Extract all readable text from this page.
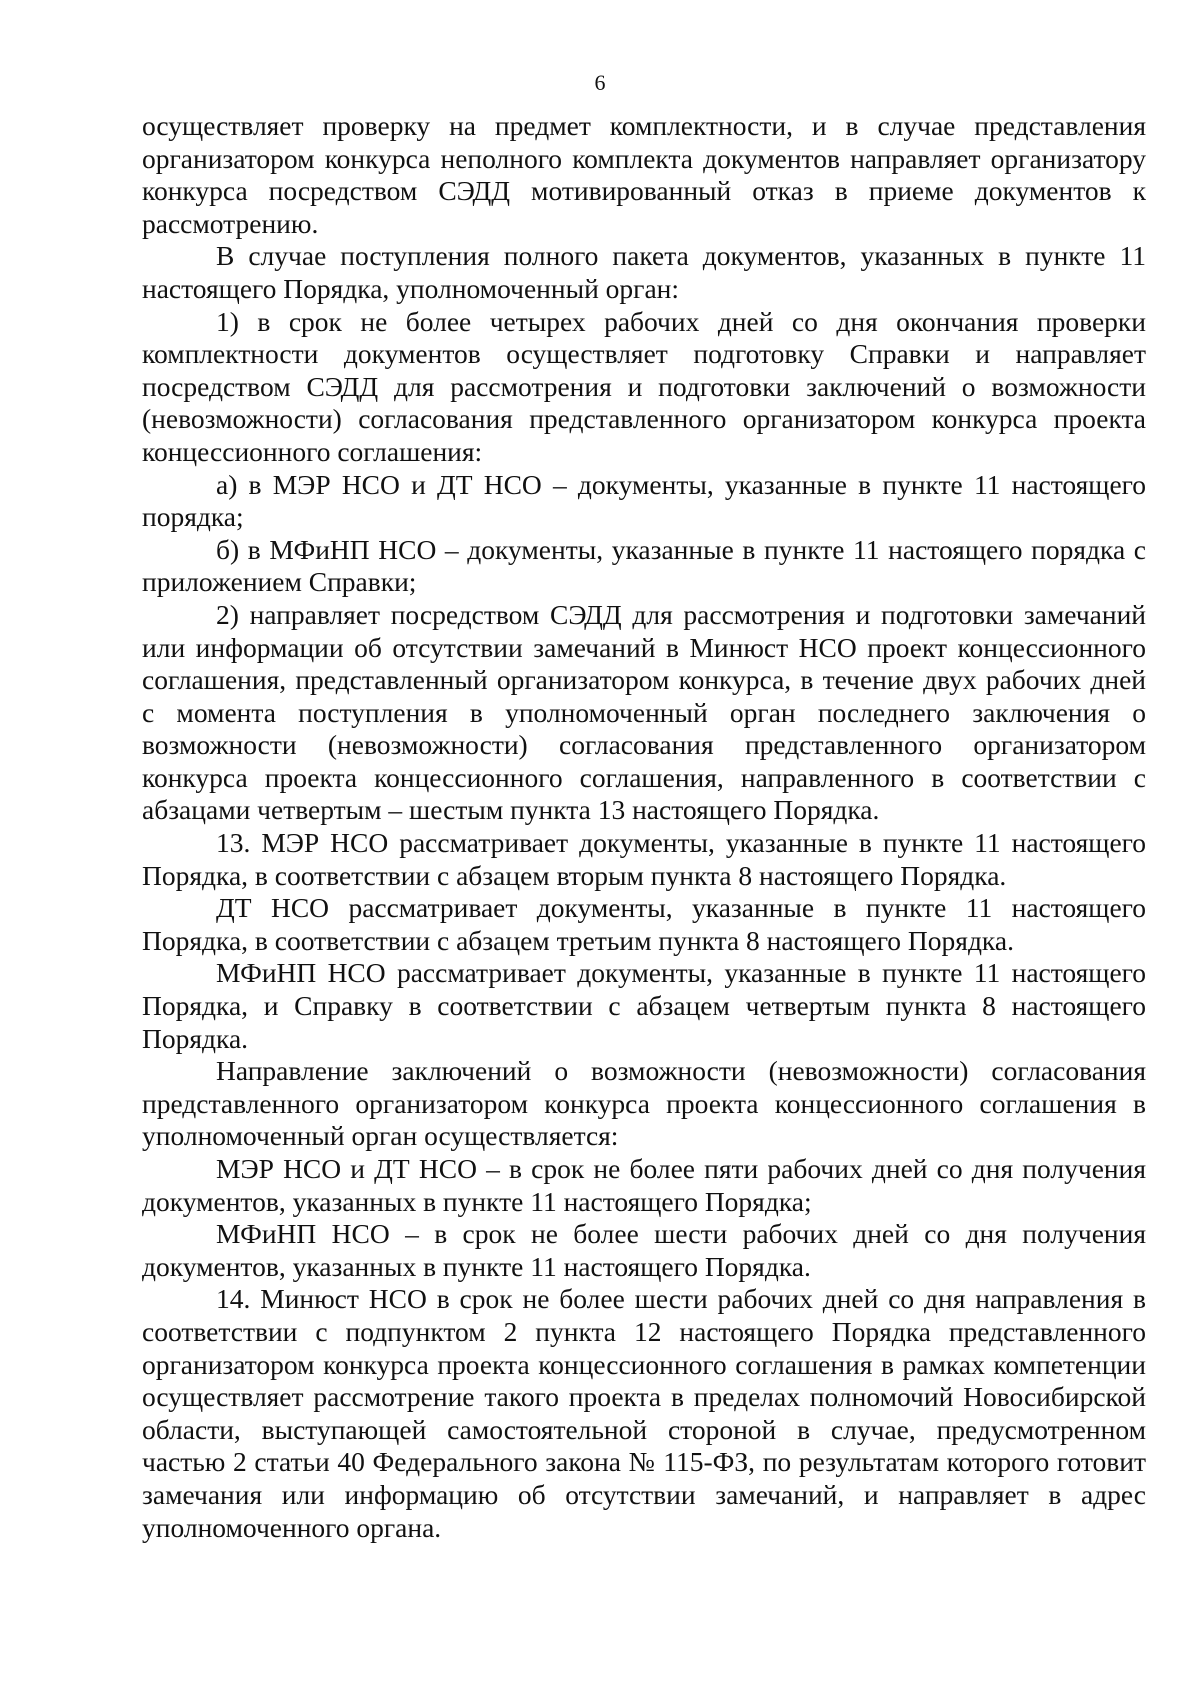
6

осуществляет проверку на предмет комплектности, и в случае представления организатором конкурса неполного комплекта документов направляет организатору конкурса посредством СЭДД мотивированный отказ в приеме документов к рассмотрению.

В случае поступления полного пакета документов, указанных в пункте 11 настоящего Порядка, уполномоченный орган:

1) в срок не более четырех рабочих дней со дня окончания проверки комплектности документов осуществляет подготовку Справки и направляет посредством СЭДД для рассмотрения и подготовки заключений о возможности (невозможности) согласования представленного организатором конкурса проекта концессионного соглашения:

а) в МЭР НСО и ДТ НСО – документы, указанные в пункте 11 настоящего порядка;

б) в МФиНП НСО – документы, указанные в пункте 11 настоящего порядка с приложением Справки;

2) направляет посредством СЭДД для рассмотрения и подготовки замечаний или информации об отсутствии замечаний в Минюст НСО проект концессионного соглашения, представленный организатором конкурса, в течение двух рабочих дней с момента поступления в уполномоченный орган последнего заключения о возможности (невозможности) согласования представленного организатором конкурса проекта концессионного соглашения, направленного в соответствии с абзацами четвертым – шестым пункта 13 настоящего Порядка.

13. МЭР НСО рассматривает документы, указанные в пункте 11 настоящего Порядка, в соответствии с абзацем вторым пункта 8 настоящего Порядка.

ДТ НСО рассматривает документы, указанные в пункте 11 настоящего Порядка, в соответствии с абзацем третьим пункта 8 настоящего Порядка.

МФиНП НСО рассматривает документы, указанные в пункте 11 настоящего Порядка, и Справку в соответствии с абзацем четвертым пункта 8 настоящего Порядка.

Направление заключений о возможности (невозможности) согласования представленного организатором конкурса проекта концессионного соглашения в уполномоченный орган осуществляется:

МЭР НСО и ДТ НСО – в срок не более пяти рабочих дней со дня получения документов, указанных в пункте 11 настоящего Порядка;

МФиНП НСО – в срок не более шести рабочих дней со дня получения документов, указанных в пункте 11 настоящего Порядка.

14. Минюст НСО в срок не более шести рабочих дней со дня направления в соответствии с подпунктом 2 пункта 12 настоящего Порядка представленного организатором конкурса проекта концессионного соглашения в рамках компетенции осуществляет рассмотрение такого проекта в пределах полномочий Новосибирской области, выступающей самостоятельной стороной в случае, предусмотренном частью 2 статьи 40 Федерального закона № 115-ФЗ, по результатам которого готовит замечания или информацию об отсутствии замечаний, и направляет в адрес уполномоченного органа.
